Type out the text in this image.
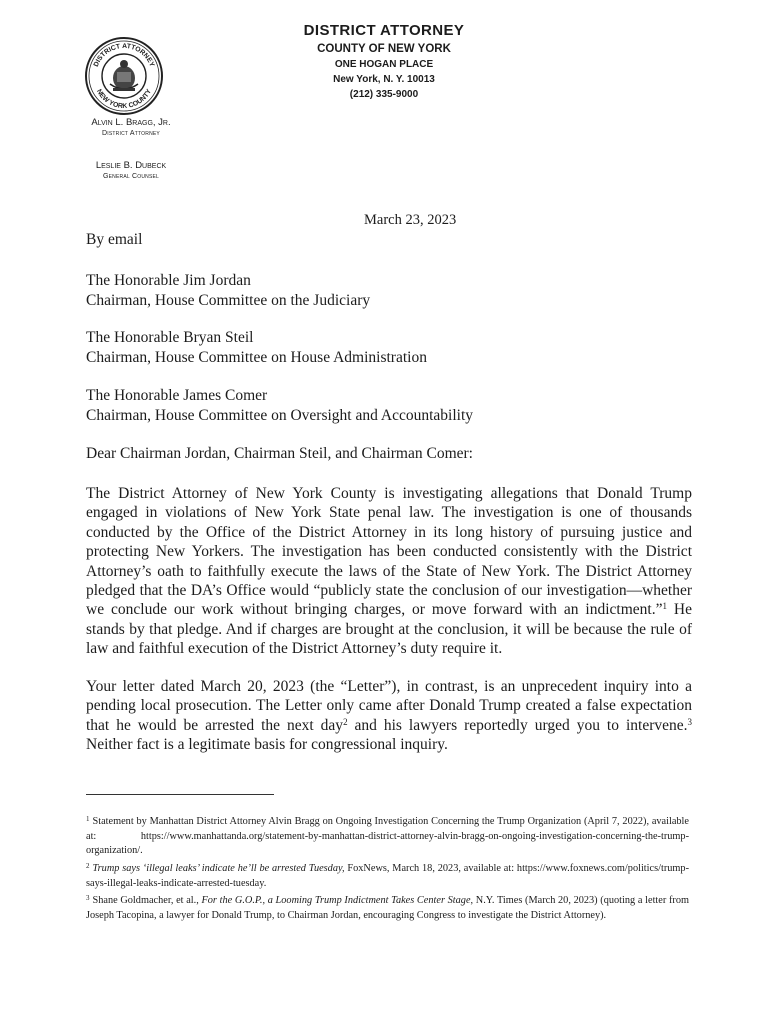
DISTRICT ATTORNEY
NEW YORK COUNTY
DISTRICT ATTORNEY
COUNTY OF NEW YORK
ONE HOGAN PLACE
New York, N. Y. 10013
(212) 335-9000
Alvin L. Bragg, Jr.
District Attorney
Leslie B. Dubeck
General Counsel
March 23, 2023
By email
The Honorable Jim Jordan
Chairman, House Committee on the Judiciary
The Honorable Bryan Steil
Chairman, House Committee on House Administration
The Honorable James Comer
Chairman, House Committee on Oversight and Accountability
Dear Chairman Jordan, Chairman Steil, and Chairman Comer:
The District Attorney of New York County is investigating allegations that Donald Trump engaged in violations of New York State penal law. The investigation is one of thousands conducted by the Office of the District Attorney in its long history of pursuing justice and protecting New Yorkers. The investigation has been conducted consistently with the District Attorney’s oath to faithfully execute the laws of the State of New York. The District Attorney pledged that the DA’s Office would “publicly state the conclusion of our investigation—whether we conclude our work without bringing charges, or move forward with an indictment.”$^1$ He stands by that pledge. And if charges are brought at the conclusion, it will be because the rule of law and faithful execution of the District Attorney’s duty require it.
Your letter dated March 20, 2023 (the “Letter”), in contrast, is an unprecedent inquiry into a pending local prosecution. The Letter only came after Donald Trump created a false expectation that he would be arrested the next day$^2$ and his lawyers reportedly urged you to intervene.$^3$ Neither fact is a legitimate basis for congressional inquiry.
$^1$ Statement by Manhattan District Attorney Alvin Bragg on Ongoing Investigation Concerning the Trump Organization (April 7, 2022), available at: https://www.manhattanda.org/statement-by-manhattan-district-attorney-alvin-bragg-on-ongoing-investigation-concerning-the-trump-organization/.
$^2$ Trump says ‘illegal leaks’ indicate he’ll be arrested Tuesday, FoxNews, March 18, 2023, available at: https://www.foxnews.com/politics/trump-says-illegal-leaks-indicate-arrested-tuesday.
$^3$ Shane Goldmacher, et al., For the G.O.P., a Looming Trump Indictment Takes Center Stage, N.Y. Times (March 20, 2023) (quoting a letter from Joseph Tacopina, a lawyer for Donald Trump, to Chairman Jordan, encouraging Congress to investigate the District Attorney).
